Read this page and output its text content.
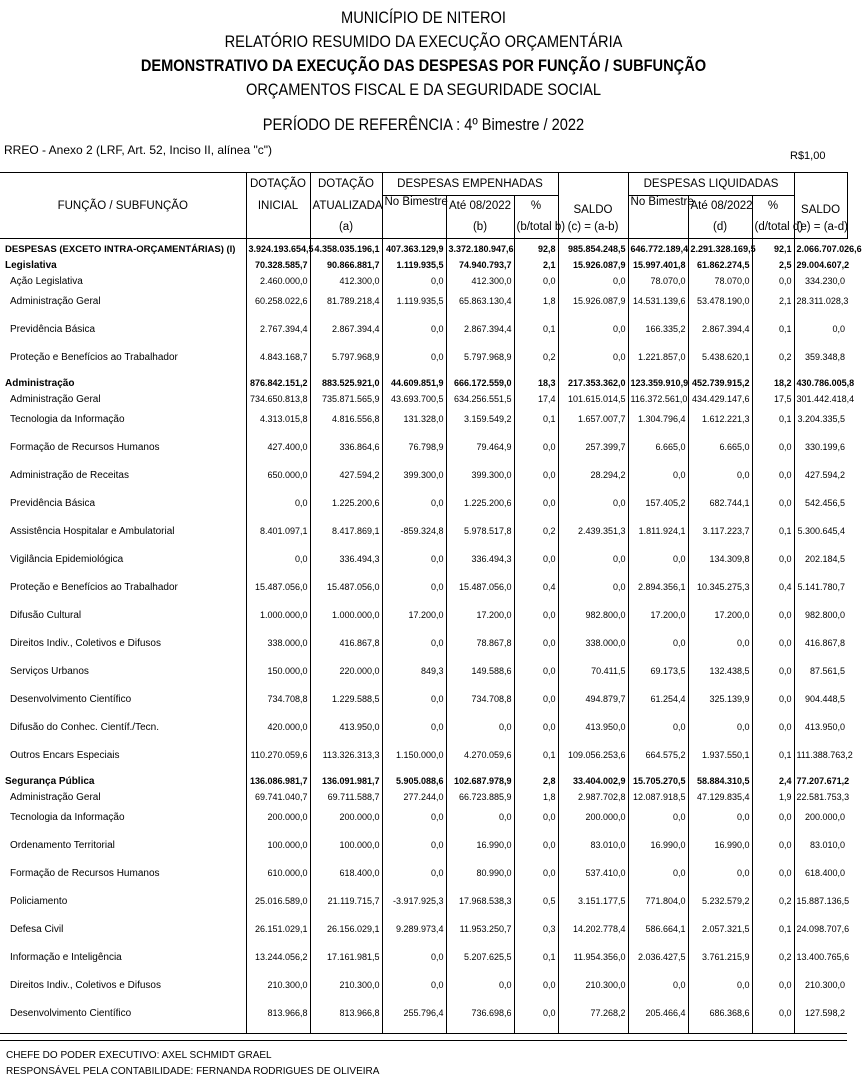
MUNICÍPIO DE NITEROI
RELATÓRIO RESUMIDO DA EXECUÇÃO ORÇAMENTÁRIA
DEMONSTRATIVO DA EXECUÇÃO DAS DESPESAS POR FUNÇÃO / SUBFUNÇÃO
ORÇAMENTOS FISCAL E DA SEGURIDADE SOCIAL
PERÍODO DE REFERÊNCIA : 4º Bimestre / 2022
RREO - Anexo 2 (LRF, Art. 52, Inciso II, alínea "c")	R$1,00
FUNÇÃO / SUBFUNÇÃO	DOTAÇÃO	DOTAÇÃO	DESPESAS EMPENHADAS			SALDO	DESPESAS LIQUIDADAS			SALDO
	INICIAL	ATUALIZADA	No Bimestre	Até 08/2022	%		No Bimestre	Até 08/2022	%	
		(a)		(b)	(b/total b)	(c) = (a-b)		(d)	(d/total d)	(e) = (a-d)
DESPESAS (EXCETO INTRA-ORÇAMENTÁRIAS) (I)	3.924.193.654,5	4.358.035.196,1	407.363.129,9	3.372.180.947,6	92,8	985.854.248,5	646.772.189,4	2.291.328.169,5	92,1	2.066.707.026,6
Legislativa	70.328.585,7	90.866.881,7	1.119.935,5	74.940.793,7	2,1	15.926.087,9	15.997.401,8	61.862.274,5	2,5	29.004.607,2
Ação Legislativa	2.460.000,0	412.300,0	0,0	412.300,0	0,0	0,0	78.070,0	78.070,0	0,0	334.230,0
Administração Geral	60.258.022,6	81.789.218,4	1.119.935,5	65.863.130,4	1,8	15.926.087,9	14.531.139,6	53.478.190,0	2,1	28.311.028,3
Previdência Básica	2.767.394,4	2.867.394,4	0,0	2.867.394,4	0,1	0,0	166.335,2	2.867.394,4	0,1	0,0
Proteção e Benefícios ao Trabalhador	4.843.168,7	5.797.968,9	0,0	5.797.968,9	0,2	0,0	1.221.857,0	5.438.620,1	0,2	359.348,8
Administração	876.842.151,2	883.525.921,0	44.609.851,9	666.172.559,0	18,3	217.353.362,0	123.359.910,9	452.739.915,2	18,2	430.786.005,8
Administração Geral	734.650.813,8	735.871.565,9	43.693.700,5	634.256.551,5	17,4	101.615.014,5	116.372.561,0	434.429.147,6	17,5	301.442.418,4
Tecnologia da Informação	4.313.015,8	4.816.556,8	131.328,0	3.159.549,2	0,1	1.657.007,7	1.304.796,4	1.612.221,3	0,1	3.204.335,5
Formação de Recursos Humanos	427.400,0	336.864,6	76.798,9	79.464,9	0,0	257.399,7	6.665,0	6.665,0	0,0	330.199,6
Administração de Receitas	650.000,0	427.594,2	399.300,0	399.300,0	0,0	28.294,2	0,0	0,0	0,0	427.594,2
Previdência Básica	0,0	1.225.200,6	0,0	1.225.200,6	0,0	0,0	157.405,2	682.744,1	0,0	542.456,5
Assistência Hospitalar e Ambulatorial	8.401.097,1	8.417.869,1	-859.324,8	5.978.517,8	0,2	2.439.351,3	1.811.924,1	3.117.223,7	0,1	5.300.645,4
Vigilância Epidemiológica	0,0	336.494,3	0,0	336.494,3	0,0	0,0	0,0	134.309,8	0,0	202.184,5
Proteção e Benefícios ao Trabalhador	15.487.056,0	15.487.056,0	0,0	15.487.056,0	0,4	0,0	2.894.356,1	10.345.275,3	0,4	5.141.780,7
Difusão Cultural	1.000.000,0	1.000.000,0	17.200,0	17.200,0	0,0	982.800,0	17.200,0	17.200,0	0,0	982.800,0
Direitos Indiv., Coletivos e Difusos	338.000,0	416.867,8	0,0	78.867,8	0,0	338.000,0	0,0	0,0	0,0	416.867,8
Serviços Urbanos	150.000,0	220.000,0	849,3	149.588,6	0,0	70.411,5	69.173,5	132.438,5	0,0	87.561,5
Desenvolvimento Científico	734.708,8	1.229.588,5	0,0	734.708,8	0,0	494.879,7	61.254,4	325.139,9	0,0	904.448,5
Difusão do Conhec. Científ./Tecn.	420.000,0	413.950,0	0,0	0,0	0,0	413.950,0	0,0	0,0	0,0	413.950,0
Outros Encars Especiais	110.270.059,6	113.326.313,3	1.150.000,0	4.270.059,6	0,1	109.056.253,6	664.575,2	1.937.550,1	0,1	111.388.763,2
Segurança Pública	136.086.981,7	136.091.981,7	5.905.088,6	102.687.978,9	2,8	33.404.002,9	15.705.270,5	58.884.310,5	2,4	77.207.671,2
Administração Geral	69.741.040,7	69.711.588,7	277.244,0	66.723.885,9	1,8	2.987.702,8	12.087.918,5	47.129.835,4	1,9	22.581.753,3
Tecnologia da Informação	200.000,0	200.000,0	0,0	0,0	0,0	200.000,0	0,0	0,0	0,0	200.000,0
Ordenamento Territorial	100.000,0	100.000,0	0,0	16.990,0	0,0	83.010,0	16.990,0	16.990,0	0,0	83.010,0
Formação de Recursos Humanos	610.000,0	618.400,0	0,0	80.990,0	0,0	537.410,0	0,0	0,0	0,0	618.400,0
Policiamento	25.016.589,0	21.119.715,7	-3.917.925,3	17.968.538,3	0,5	3.151.177,5	771.804,0	5.232.579,2	0,2	15.887.136,5
Defesa Civil	26.151.029,1	26.156.029,1	9.289.973,4	11.953.250,7	0,3	14.202.778,4	586.664,1	2.057.321,5	0,1	24.098.707,6
Informação e Inteligência	13.244.056,2	17.161.981,5	0,0	5.207.625,5	0,1	11.954.356,0	2.036.427,5	3.761.215,9	0,2	13.400.765,6
Direitos Indiv., Coletivos e Difusos	210.300,0	210.300,0	0,0	0,0	0,0	210.300,0	0,0	0,0	0,0	210.300,0
Desenvolvimento Científico	813.966,8	813.966,8	255.796,4	736.698,6	0,0	77.268,2	205.466,4	686.368,6	0,0	127.598,2
CHEFE DO PODER EXECUTIVO: AXEL SCHMIDT GRAEL
RESPONSÁVEL PELA CONTABILIDADE: FERNANDA RODRIGUES DE OLIVEIRA
